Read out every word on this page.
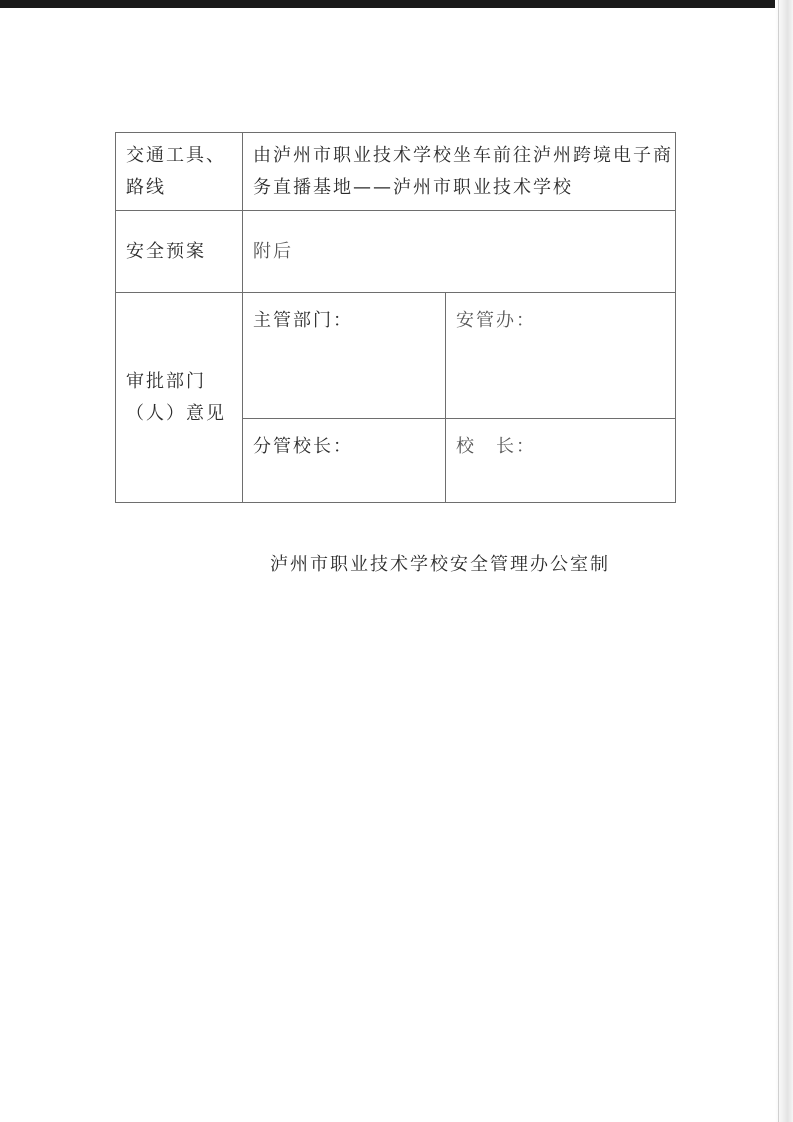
交通工具、路线	由泸州市职业技术学校坐车前往泸州跨境电子商务直播基地——泸州市职业技术学校	
安全预案	附后	
审批部门（人）意见	主管部门：	安管办：
	分管校长：	校　长：
泸州市职业技术学校安全管理办公室制
